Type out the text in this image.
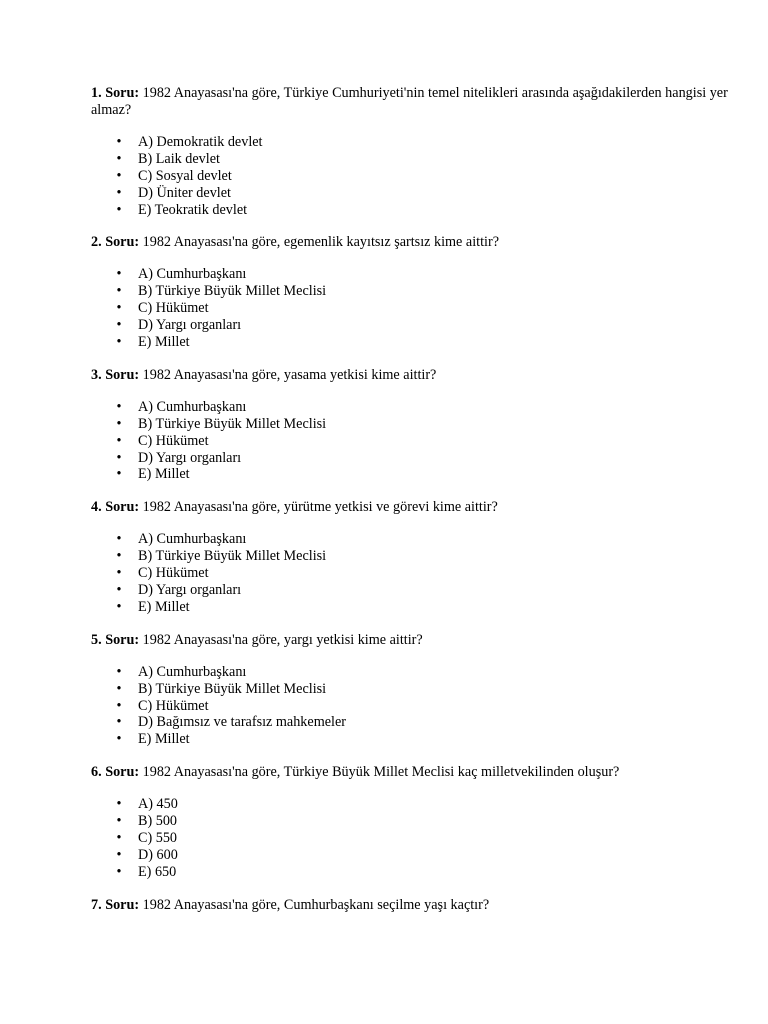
1. Soru: 1982 Anayasası'na göre, Türkiye Cumhuriyeti'nin temel nitelikleri arasında aşağıdakilerden hangisi yer almaz?

• A) Demokratik devlet
• B) Laik devlet
• C) Sosyal devlet
• D) Üniter devlet
• E) Teokratik devlet

2. Soru: 1982 Anayasası'na göre, egemenlik kayıtsız şartsız kime aittir?

• A) Cumhurbaşkanı
• B) Türkiye Büyük Millet Meclisi
• C) Hükümet
• D) Yargı organları
• E) Millet

3. Soru: 1982 Anayasası'na göre, yasama yetkisi kime aittir?

• A) Cumhurbaşkanı
• B) Türkiye Büyük Millet Meclisi
• C) Hükümet
• D) Yargı organları
• E) Millet

4. Soru: 1982 Anayasası'na göre, yürütme yetkisi ve görevi kime aittir?

• A) Cumhurbaşkanı
• B) Türkiye Büyük Millet Meclisi
• C) Hükümet
• D) Yargı organları
• E) Millet

5. Soru: 1982 Anayasası'na göre, yargı yetkisi kime aittir?

• A) Cumhurbaşkanı
• B) Türkiye Büyük Millet Meclisi
• C) Hükümet
• D) Bağımsız ve tarafsız mahkemeler
• E) Millet

6. Soru: 1982 Anayasası'na göre, Türkiye Büyük Millet Meclisi kaç milletvekilinden oluşur?

• A) 450
• B) 500
• C) 550
• D) 600
• E) 650

7. Soru: 1982 Anayasası'na göre, Cumhurbaşkanı seçilme yaşı kaçtır?
